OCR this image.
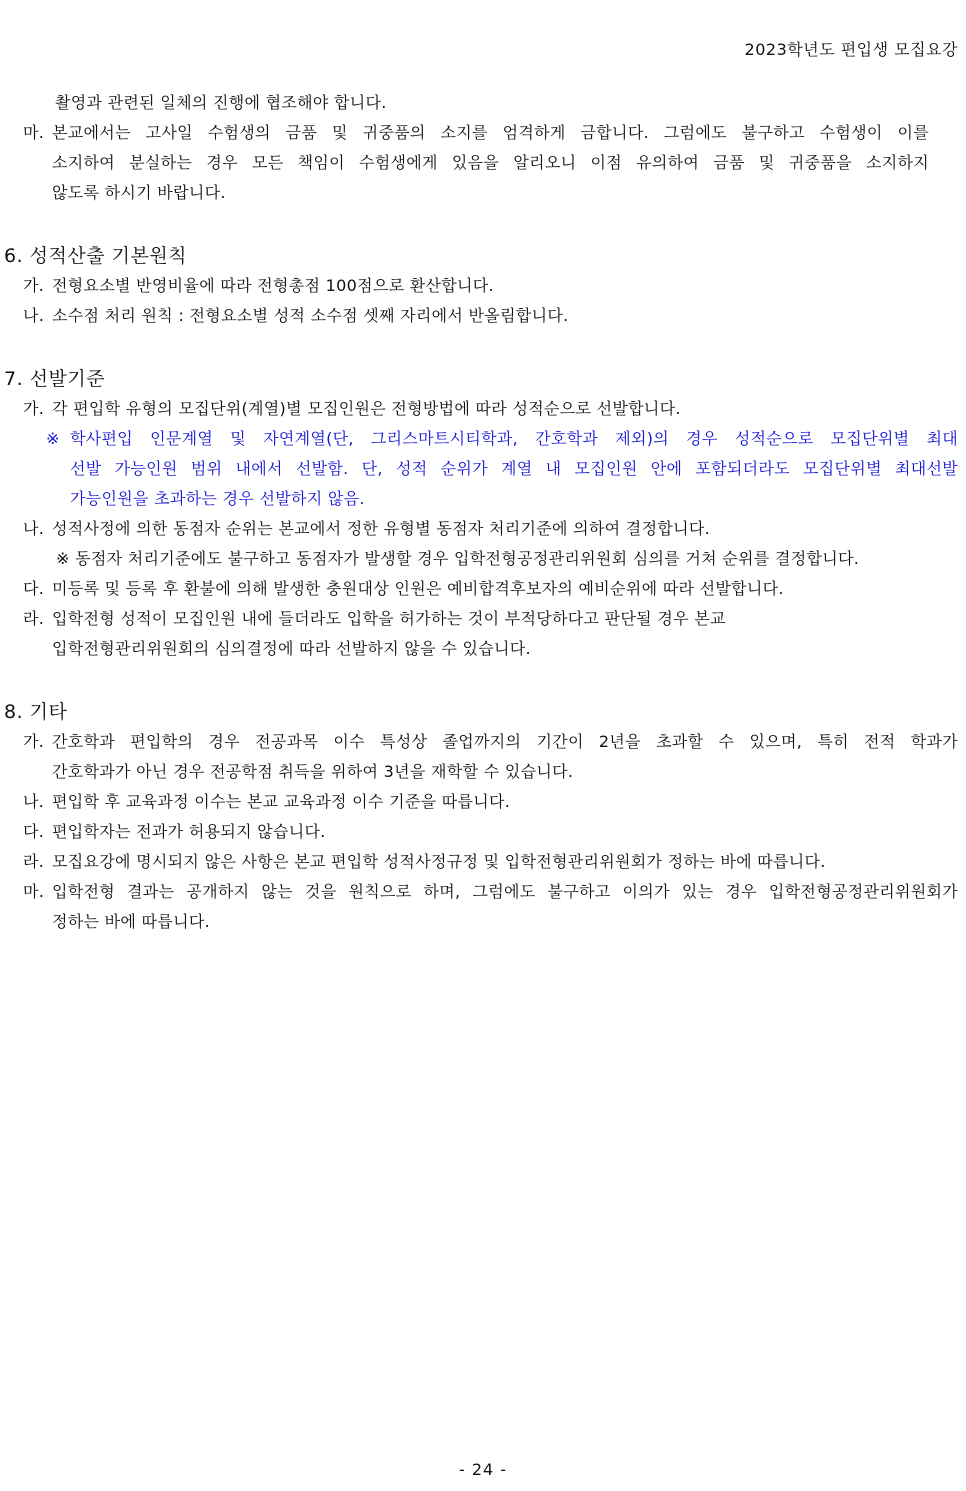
2023학년도 편입생 모집요강
촬영과 관련된 일체의 진행에 협조해야 합니다.
마. 본교에서는 고사일 수험생의 금품 및 귀중품의 소지를 엄격하게 금합니다. 그럼에도 불구하고 수험생이 이를
소지하여 분실하는 경우 모든 책임이 수험생에게 있음을 알리오니 이점 유의하여 금품 및 귀중품을 소지하지
않도록 하시기 바랍니다.
6. 성적산출 기본원칙
가. 전형요소별 반영비율에 따라 전형총점 100점으로 환산합니다.
나. 소수점 처리 원칙 : 전형요소별 성적 소수점 셋째 자리에서 반올림합니다.
7. 선발기준
가. 각 편입학 유형의 모집단위(계열)별 모집인원은 전형방법에 따라 성적순으로 선발합니다.
※ 학사편입 인문계열 및 자연계열(단, 그리스마트시티학과, 간호학과 제외)의 경우 성적순으로 모집단위별 최대
선발 가능인원 범위 내에서 선발함. 단, 성적 순위가 계열 내 모집인원 안에 포함되더라도 모집단위별 최대선발
가능인원을 초과하는 경우 선발하지 않음.
나. 성적사정에 의한 동점자 순위는 본교에서 정한 유형별 동점자 처리기준에 의하여 결정합니다.
※ 동점자 처리기준에도 불구하고 동점자가 발생할 경우 입학전형공정관리위원회 심의를 거쳐 순위를 결정합니다.
다. 미등록 및 등록 후 환불에 의해 발생한 충원대상 인원은 예비합격후보자의 예비순위에 따라 선발합니다.
라. 입학전형 성적이 모집인원 내에 들더라도 입학을 허가하는 것이 부적당하다고 판단될 경우 본교
입학전형관리위원회의 심의결정에 따라 선발하지 않을 수 있습니다.
8. 기타
가. 간호학과 편입학의 경우 전공과목 이수 특성상 졸업까지의 기간이 2년을 초과할 수 있으며, 특히 전적 학과가
간호학과가 아닌 경우 전공학점 취득을 위하여 3년을 재학할 수 있습니다.
나. 편입학 후 교육과정 이수는 본교 교육과정 이수 기준을 따릅니다.
다. 편입학자는 전과가 허용되지 않습니다.
라. 모집요강에 명시되지 않은 사항은 본교 편입학 성적사정규정 및 입학전형관리위원회가 정하는 바에 따릅니다.
마. 입학전형 결과는 공개하지 않는 것을 원칙으로 하며, 그럼에도 불구하고 이의가 있는 경우 입학전형공정관리위원회가
정하는 바에 따릅니다.
- 24 -
